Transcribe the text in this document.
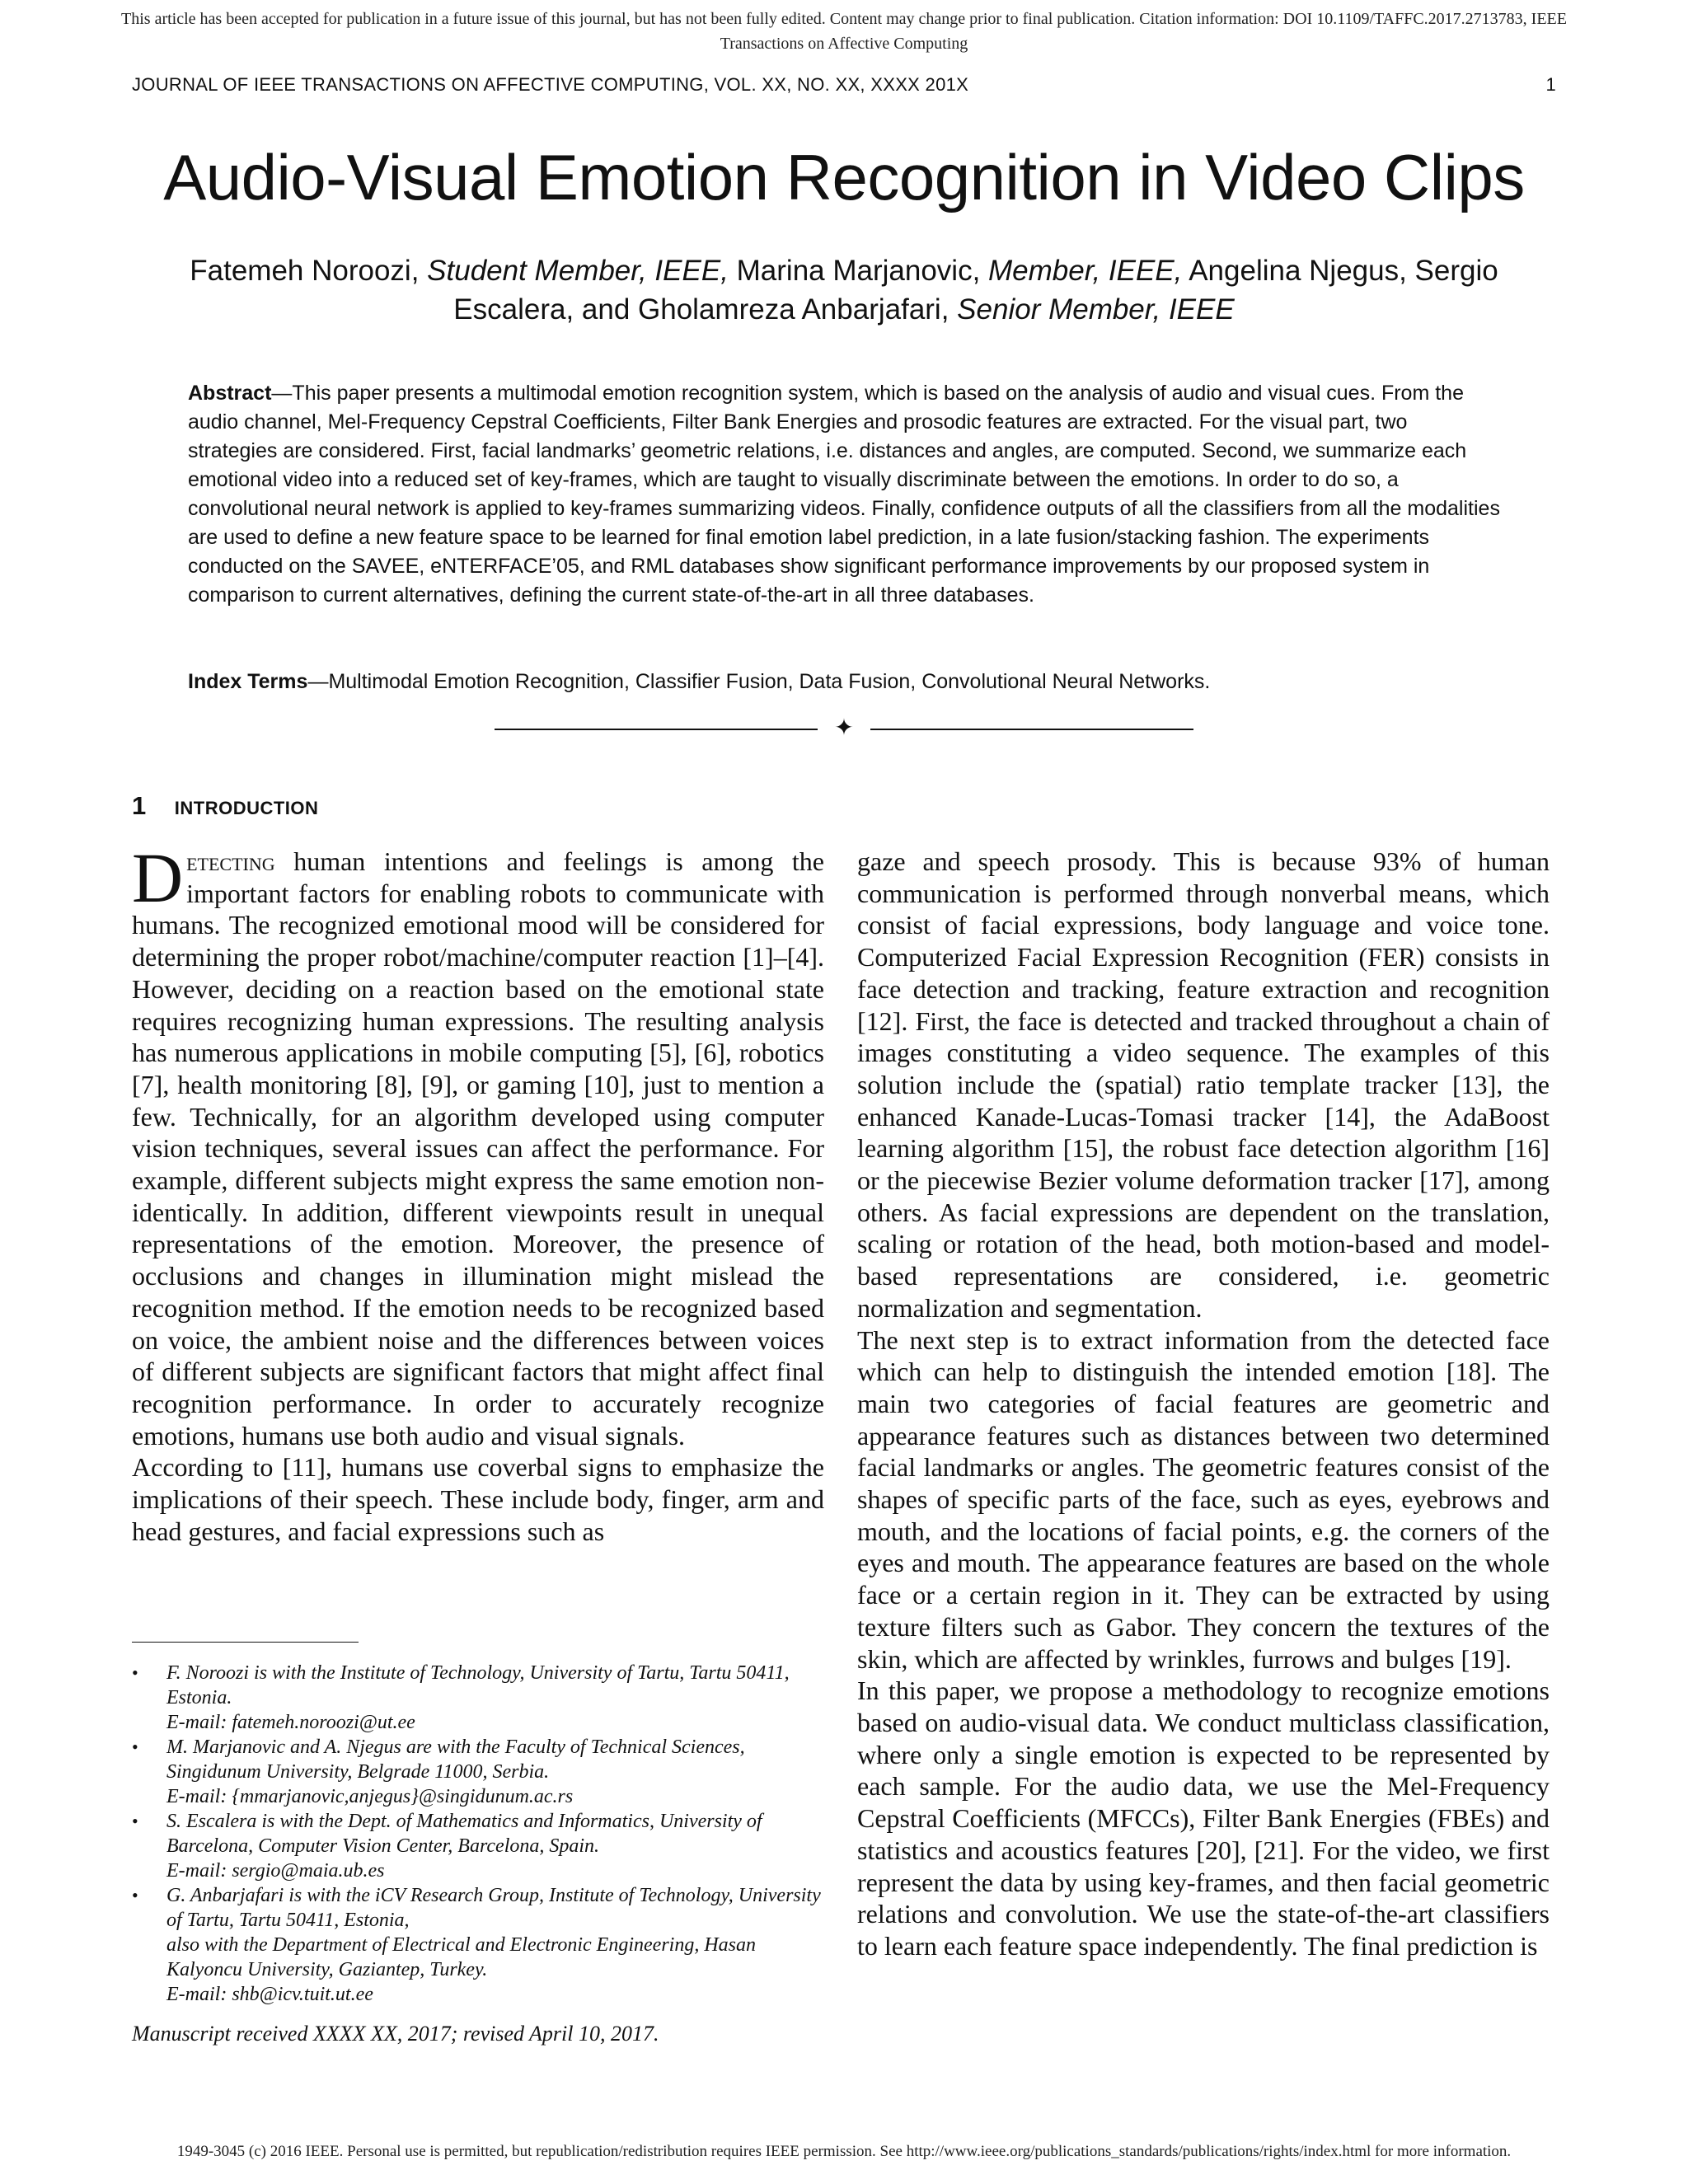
This article has been accepted for publication in a future issue of this journal, but has not been fully edited. Content may change prior to final publication. Citation information: DOI 10.1109/TAFFC.2017.2713783, IEEE
Transactions on Affective Computing
JOURNAL OF IEEE TRANSACTIONS ON AFFECTIVE COMPUTING, VOL. XX, NO. XX, XXXX 201X	1
Audio-Visual Emotion Recognition in Video Clips
Fatemeh Noroozi, Student Member, IEEE, Marina Marjanovic, Member, IEEE, Angelina Njegus, Sergio Escalera, and Gholamreza Anbarjafari, Senior Member, IEEE
Abstract—This paper presents a multimodal emotion recognition system, which is based on the analysis of audio and visual cues. From the audio channel, Mel-Frequency Cepstral Coefficients, Filter Bank Energies and prosodic features are extracted. For the visual part, two strategies are considered. First, facial landmarks’ geometric relations, i.e. distances and angles, are computed. Second, we summarize each emotional video into a reduced set of key-frames, which are taught to visually discriminate between the emotions. In order to do so, a convolutional neural network is applied to key-frames summarizing videos. Finally, confidence outputs of all the classifiers from all the modalities are used to define a new feature space to be learned for final emotion label prediction, in a late fusion/stacking fashion. The experiments conducted on the SAVEE, eNTERFACE’05, and RML databases show significant performance improvements by our proposed system in comparison to current alternatives, defining the current state-of-the-art in all three databases.
Index Terms—Multimodal Emotion Recognition, Classifier Fusion, Data Fusion, Convolutional Neural Networks.
✦
1 introduction

Detecting human intentions and feelings is among the important factors for enabling robots to communicate with humans. The recognized emotional mood will be considered for determining the proper robot/machine/computer reaction [1]–[4]. However, deciding on a reaction based on the emotional state requires recognizing human expressions. The resulting analysis has numerous applications in mobile computing [5], [6], robotics [7], health monitoring [8], [9], or gaming [10], just to mention a few. Technically, for an algorithm developed using computer vision techniques, several issues can affect the performance. For example, different subjects might express the same emotion non-identically. In addition, different viewpoints result in unequal representations of the emotion. Moreover, the presence of occlusions and changes in illumination might mislead the recognition method. If the emotion needs to be recognized based on voice, the ambient noise and the differences between voices of different subjects are significant factors that might affect final recognition performance. In order to accurately recognize emotions, humans use both audio and visual signals.

According to [11], humans use coverbal signs to emphasize the implications of their speech. These include body, finger, arm and head gestures, and facial expressions such as

gaze and speech prosody. This is because 93% of human communication is performed through nonverbal means, which consist of facial expressions, body language and voice tone. Computerized Facial Expression Recognition (FER) consists in face detection and tracking, feature extraction and recognition [12]. First, the face is detected and tracked throughout a chain of images constituting a video sequence. The examples of this solution include the (spatial) ratio template tracker [13], the enhanced Kanade-Lucas-Tomasi tracker [14], the AdaBoost learning algorithm [15], the robust face detection algorithm [16] or the piecewise Bezier volume deformation tracker [17], among others. As facial expressions are dependent on the translation, scaling or rotation of the head, both motion-based and model-based representations are considered, i.e. geometric normalization and segmentation.

The next step is to extract information from the detected face which can help to distinguish the intended emotion [18]. The main two categories of facial features are geometric and appearance features such as distances between two determined facial landmarks or angles. The geometric features consist of the shapes of specific parts of the face, such as eyes, eyebrows and mouth, and the locations of facial points, e.g. the corners of the eyes and mouth. The appearance features are based on the whole face or a certain region in it. They can be extracted by using texture filters such as Gabor. They concern the textures of the skin, which are affected by wrinkles, furrows and bulges [19].

In this paper, we propose a methodology to recognize emotions based on audio-visual data. We conduct multiclass classification, where only a single emotion is expected to be represented by each sample. For the audio data, we use the Mel-Frequency Cepstral Coefficients (MFCCs), Filter Bank Energies (FBEs) and statistics and acoustics features [20], [21]. For the video, we first represent the data by using key-frames, and then facial geometric relations and convolution. We use the state-of-the-art classifiers to learn each feature space independently. The final prediction is

• F. Noroozi is with the Institute of Technology, University of Tartu, Tartu 50411, Estonia.
E-mail: fatemeh.noroozi@ut.ee
• M. Marjanovic and A. Njegus are with the Faculty of Technical Sciences, Singidunum University, Belgrade 11000, Serbia.
E-mail: {mmarjanovic,anjegus}@singidunum.ac.rs
• S. Escalera is with the Dept. of Mathematics and Informatics, University of Barcelona, Computer Vision Center, Barcelona, Spain.
E-mail: sergio@maia.ub.es
• G. Anbarjafari is with the iCV Research Group, Institute of Technology, University of Tartu, Tartu 50411, Estonia,
also with the Department of Electrical and Electronic Engineering, Hasan Kalyoncu University, Gaziantep, Turkey.
E-mail: shb@icv.tuit.ut.ee
Manuscript received XXXX XX, 2017; revised April 10, 2017.
1949-3045 (c) 2016 IEEE. Personal use is permitted, but republication/redistribution requires IEEE permission. See http://www.ieee.org/publications_standards/publications/rights/index.html for more information.
